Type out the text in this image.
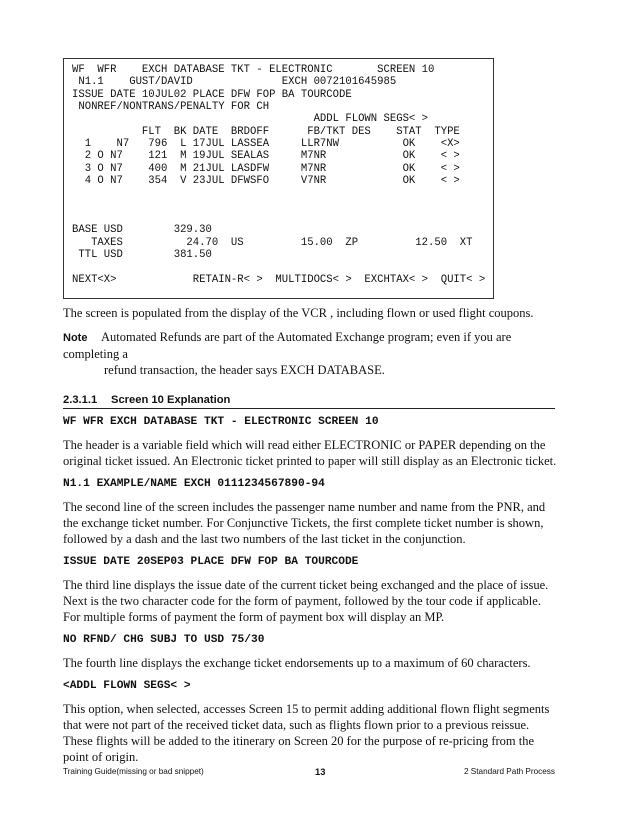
WF  WFR    EXCH DATABASE TKT - ELECTRONIC       SCREEN 10
N1.1    GUST/DAVID              EXCH 0072101645985
ISSUE DATE 10JUL02 PLACE DFW FOP BA TOURCODE
NONREF/NONTRANS/PENALTY FOR CH
ADDL FLOWN SEGS< >
FLT  BK DATE  BRDOFF      FB/TKT DES    STAT  TYPE
1    N7   796  L 17JUL LASSEA     LLR7NW          OK    <X>
2 O N7    121  M 19JUL SEALAS     M7NR            OK    < >
3 O N7    400  M 21JUL LASDFW     M7NR            OK    < >
4 O N7    354  V 23JUL DFWSFO     V7NR            OK    < >
BASE USD        329.30
TAXES          24.70  US         15.00  ZP         12.50  XT
TTL USD        381.50
NEXT<X>            RETAIN-R< >  MULTIDOCS< >  EXCHTAX< >  QUIT< >
The screen is populated from the display of the VCR , including flown or used flight coupons.
Note Automated Refunds are part of the Automated Exchange program; even if you are completing a
refund transaction, the header says EXCH DATABASE.
2.3.1.1 Screen 10 Explanation

WF WFR EXCH DATABASE TKT - ELECTRONIC SCREEN 10

The header is a variable field which will read either ELECTRONIC or PAPER depending on the original ticket issued. An Electronic ticket printed to paper will still display as an Electronic ticket.

N1.1 EXAMPLE/NAME EXCH 0111234567890-94

The second line of the screen includes the passenger name number and name from the PNR, and the exchange ticket number. For Conjunctive Tickets, the first complete ticket number is shown, followed by a dash and the last two numbers of the last ticket in the conjunction.

ISSUE DATE 20SEP03 PLACE DFW FOP BA TOURCODE

The third line displays the issue date of the current ticket being exchanged and the place of issue. Next is the two character code for the form of payment, followed by the tour code if applicable. For multiple forms of payment the form of payment box will display an MP.

NO RFND/ CHG SUBJ TO USD 75/30

The fourth line displays the exchange ticket endorsements up to a maximum of 60 characters.

<ADDL FLOWN SEGS< >

This option, when selected, accesses Screen 15 to permit adding additional flown flight segments that were not part of the received ticket data, such as flights flown prior to a previous reissue. These flights will be added to the itinerary on Screen 20 for the purpose of re-pricing from the point of origin.

Training Guide(missing or bad snippet)	13	2 Standard Path Process
